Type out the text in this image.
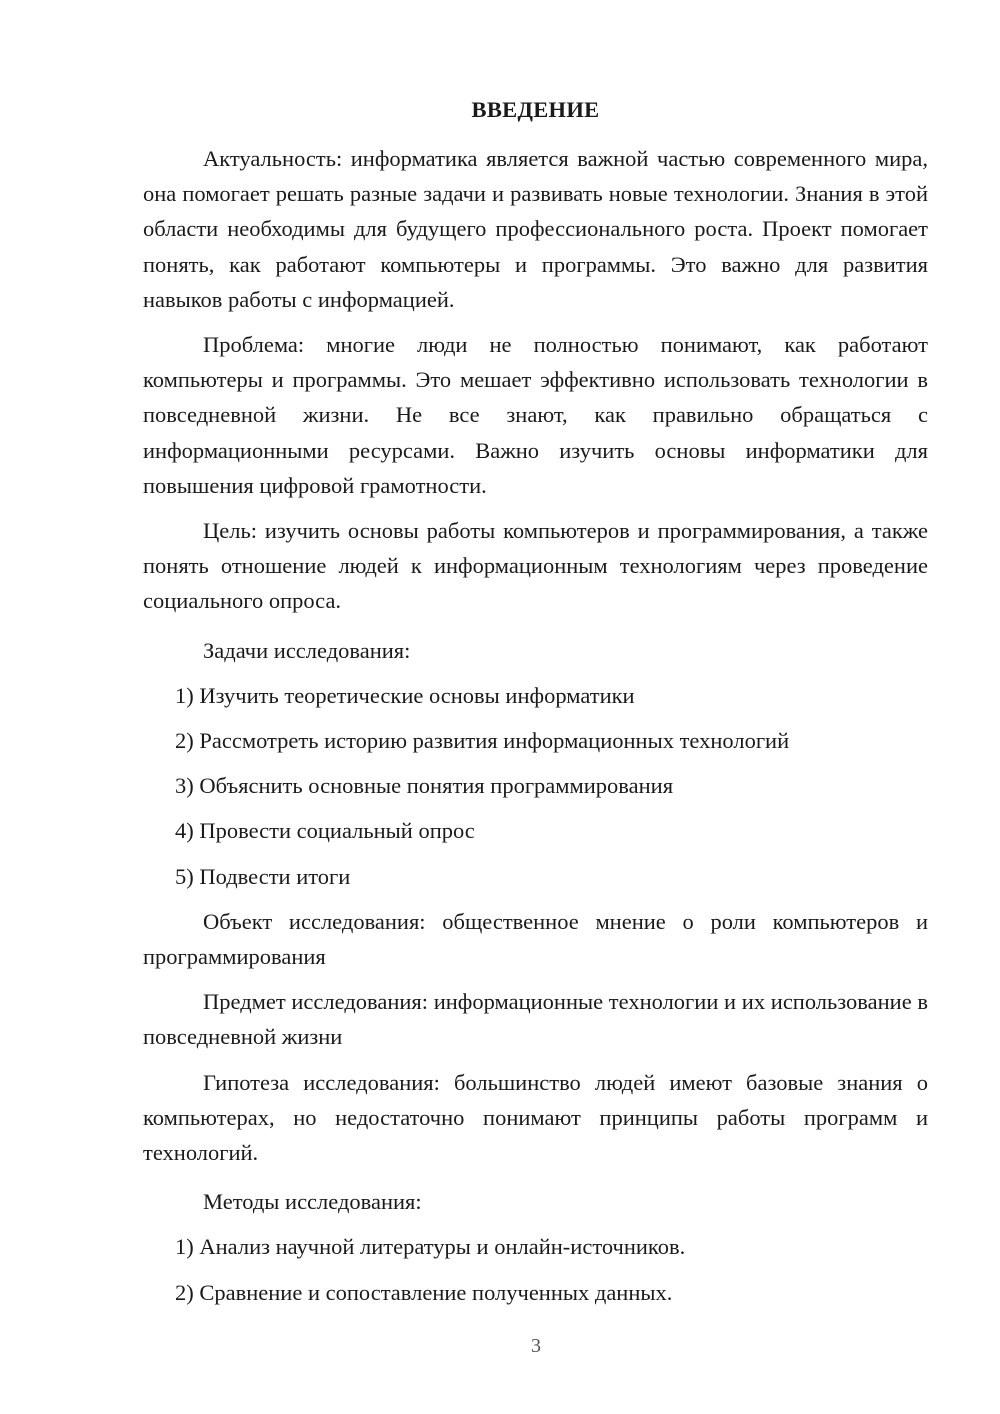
ВВЕДЕНИЕ

Актуальность: информатика является важной частью современного мира, она помогает решать разные задачи и развивать новые технологии. Знания в этой области необходимы для будущего профессионального роста. Проект помогает понять, как работают компьютеры и программы. Это важно для развития навыков работы с информацией.

Проблема: многие люди не полностью понимают, как работают компьютеры и программы. Это мешает эффективно использовать технологии в повседневной жизни. Не все знают, как правильно обращаться с информационными ресурсами. Важно изучить основы информатики для повышения цифровой грамотности.

Цель: изучить основы работы компьютеров и программирования, а также понять отношение людей к информационным технологиям через проведение социального опроса.

Задачи исследования:

1) Изучить теоретические основы информатики

2) Рассмотреть историю развития информационных технологий

3) Объяснить основные понятия программирования

4) Провести социальный опрос

5) Подвести итоги

Объект исследования: общественное мнение о роли компьютеров и программирования

Предмет исследования: информационные технологии и их использование в повседневной жизни

Гипотеза исследования: большинство людей имеют базовые знания о компьютерах, но недостаточно понимают принципы работы программ и технологий.

Методы исследования:

1) Анализ научной литературы и онлайн-источников.

2) Сравнение и сопоставление полученных данных.

3
